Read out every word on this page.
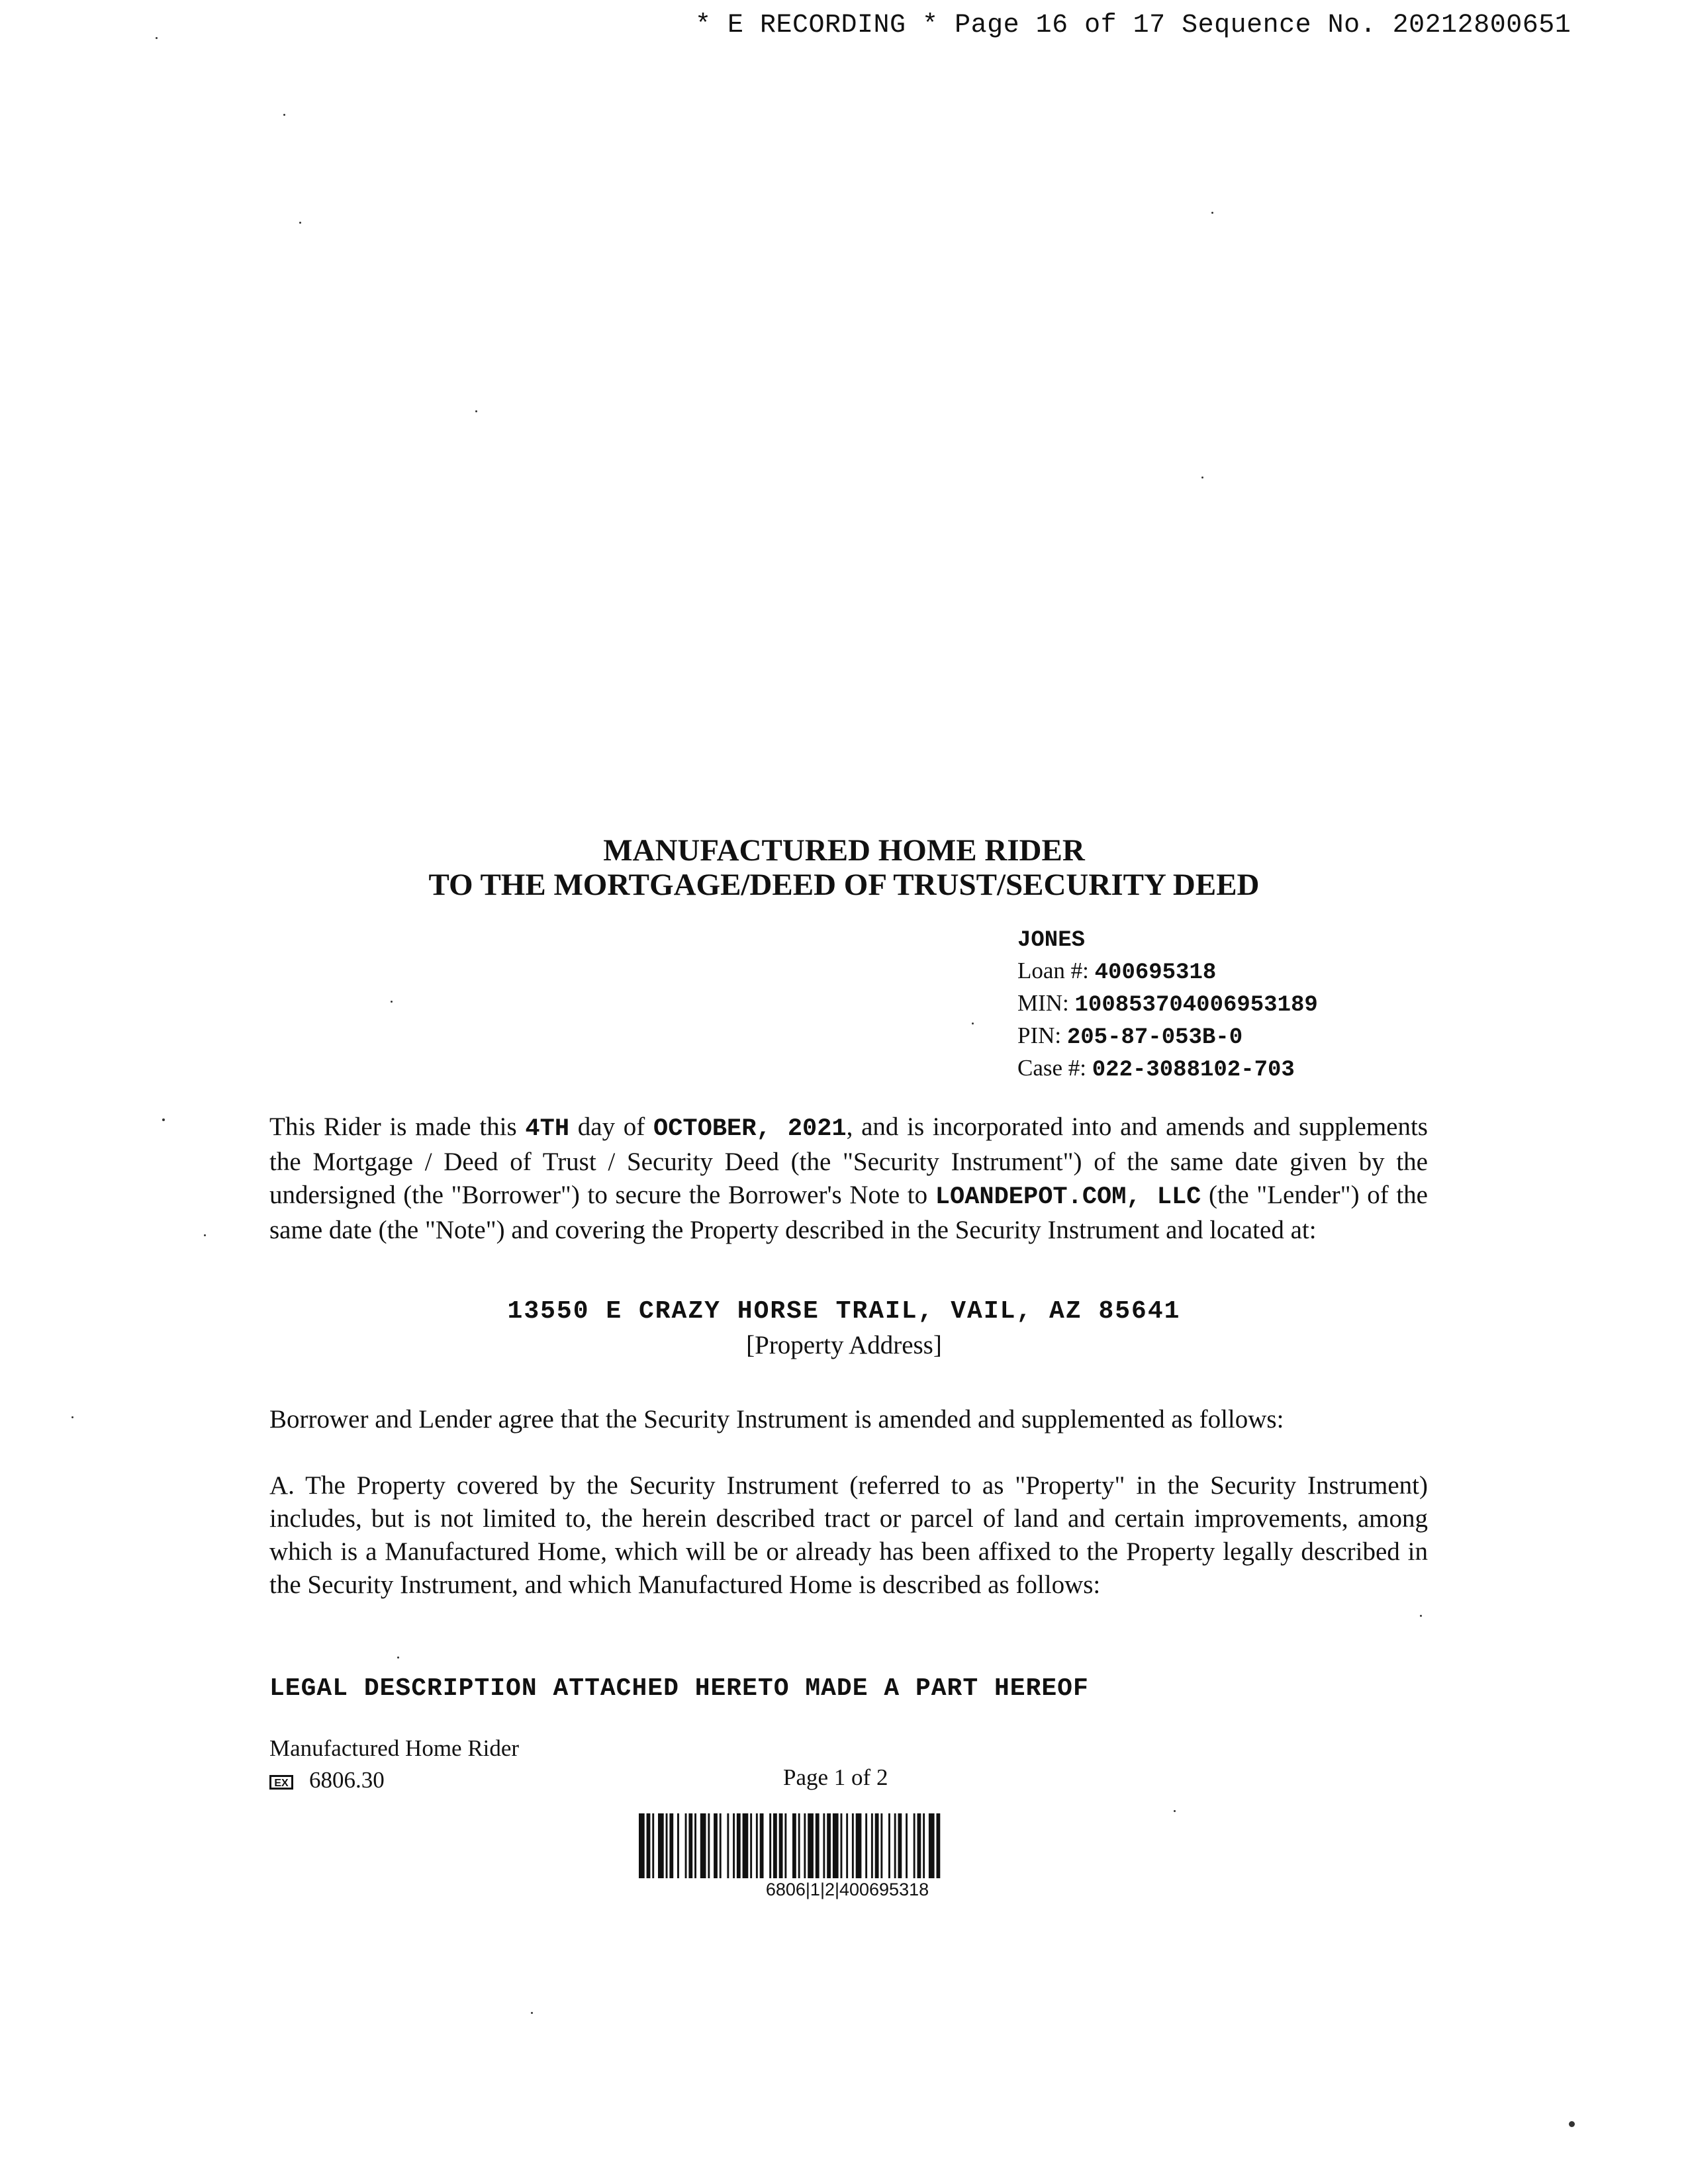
* E RECORDING * Page 16 of 17 Sequence No. 20212800651
MANUFACTURED HOME RIDER
TO THE MORTGAGE/DEED OF TRUST/SECURITY DEED
JONES
Loan #: 400695318
MIN: 100853704006953189
PIN: 205-87-053B-0
Case #: 022-3088102-703
This Rider is made this 4TH day of OCTOBER, 2021, and is incorporated into and amends and supplements the Mortgage / Deed of Trust / Security Deed (the "Security Instrument") of the same date given by the undersigned (the "Borrower") to secure the Borrower's Note to LOANDEPOT.COM, LLC (the "Lender") of the same date (the "Note") and covering the Property described in the Security Instrument and located at:
13550 E CRAZY HORSE TRAIL, VAIL, AZ 85641
[Property Address]
Borrower and Lender agree that the Security Instrument is amended and supplemented as follows:
A. The Property covered by the Security Instrument (referred to as "Property" in the Security Instrument) includes, but is not limited to, the herein described tract or parcel of land and certain improvements, among which is a Manufactured Home, which will be or already has been affixed to the Property legally described in the Security Instrument, and which Manufactured Home is described as follows:
LEGAL DESCRIPTION ATTACHED HERETO MADE A PART HEREOF
Manufactured Home Rider
EX 6806.30	Page 1 of 2
6806|1|2|400695318
